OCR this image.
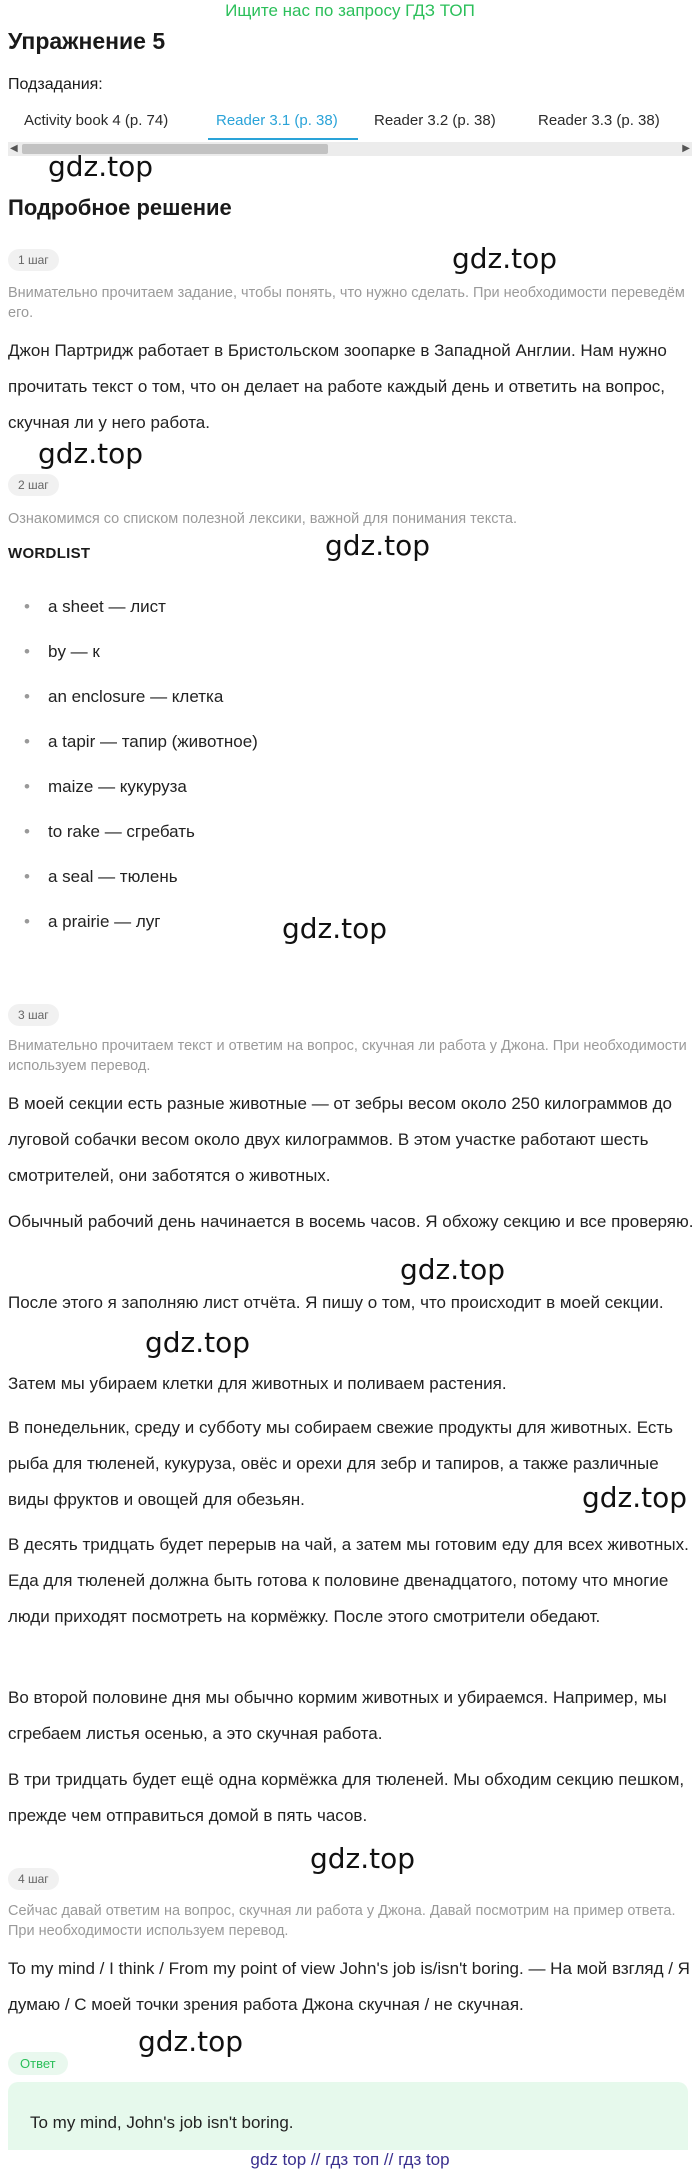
Ищите нас по запросу ГДЗ ТОП
Упражнение 5
Подзадания:
Activity book 4 (p. 74)	Reader 3.1 (p. 38) Reader 3.2 (p. 38)	Reader 3.3 (p. 38)
◀	▶
gdz.top
gdz.top
gdz.top
gdz.top
gdz.top
gdz.top
gdz.top
gdz.top
gdz.top
gdz.top
Подробное решение
1 шаг
Внимательно прочитаем задание, чтобы понять, что нужно сделать. При необходимости переведём его.
Джон Партридж работает в Бристольском зоопарке в Западной Англии. Нам нужно прочитать текст о том, что он делает на работе каждый день и ответить на вопрос, скучная ли у него работа.
2 шаг
Ознакомимся со списком полезной лексики, важной для понимания текста.
WORDLIST
• a sheet — лист
• by — к
• an enclosure — клетка
• a tapir — тапир (животное)
• maize — кукуруза
• to rake — сгребать
• a seal — тюлень
• a prairie — луг
3 шаг
Внимательно прочитаем текст и ответим на вопрос, скучная ли работа у Джона. При необходимости используем перевод.
В моей секции есть разные животные — от зебры весом около 250 килограммов до луговой собачки весом около двух килограммов. В этом участке работают шесть смотрителей, они заботятся о животных.
Обычный рабочий день начинается в восемь часов. Я обхожу секцию и все проверяю.
После этого я заполняю лист отчёта. Я пишу о том, что происходит в моей секции.
Затем мы убираем клетки для животных и поливаем растения.
В понедельник, среду и субботу мы собираем свежие продукты для животных. Есть рыба для тюленей, кукуруза, овёс и орехи для зебр и тапиров, а также различные виды фруктов и овощей для обезьян.
В десять тридцать будет перерыв на чай, а затем мы готовим еду для всех животных. Еда для тюленей должна быть готова к половине двенадцатого, потому что многие люди приходят посмотреть на кормёжку. После этого смотрители обедают.
Во второй половине дня мы обычно кормим животных и убираемся. Например, мы сгребаем листья осенью, а это скучная работа.
В три тридцать будет ещё одна кормёжка для тюленей. Мы обходим секцию пешком, прежде чем отправиться домой в пять часов.
4 шаг
Сейчас давай ответим на вопрос, скучная ли работа у Джона. Давай посмотрим на пример ответа. При необходимости используем перевод.
To my mind / I think / From my point of view John's job is/isn't boring. — На мой взгляд / Я думаю / С моей точки зрения работа Джона скучная / не скучная.
Ответ
To my mind, John's job isn't boring.
gdz top // гдз топ // гдз top
